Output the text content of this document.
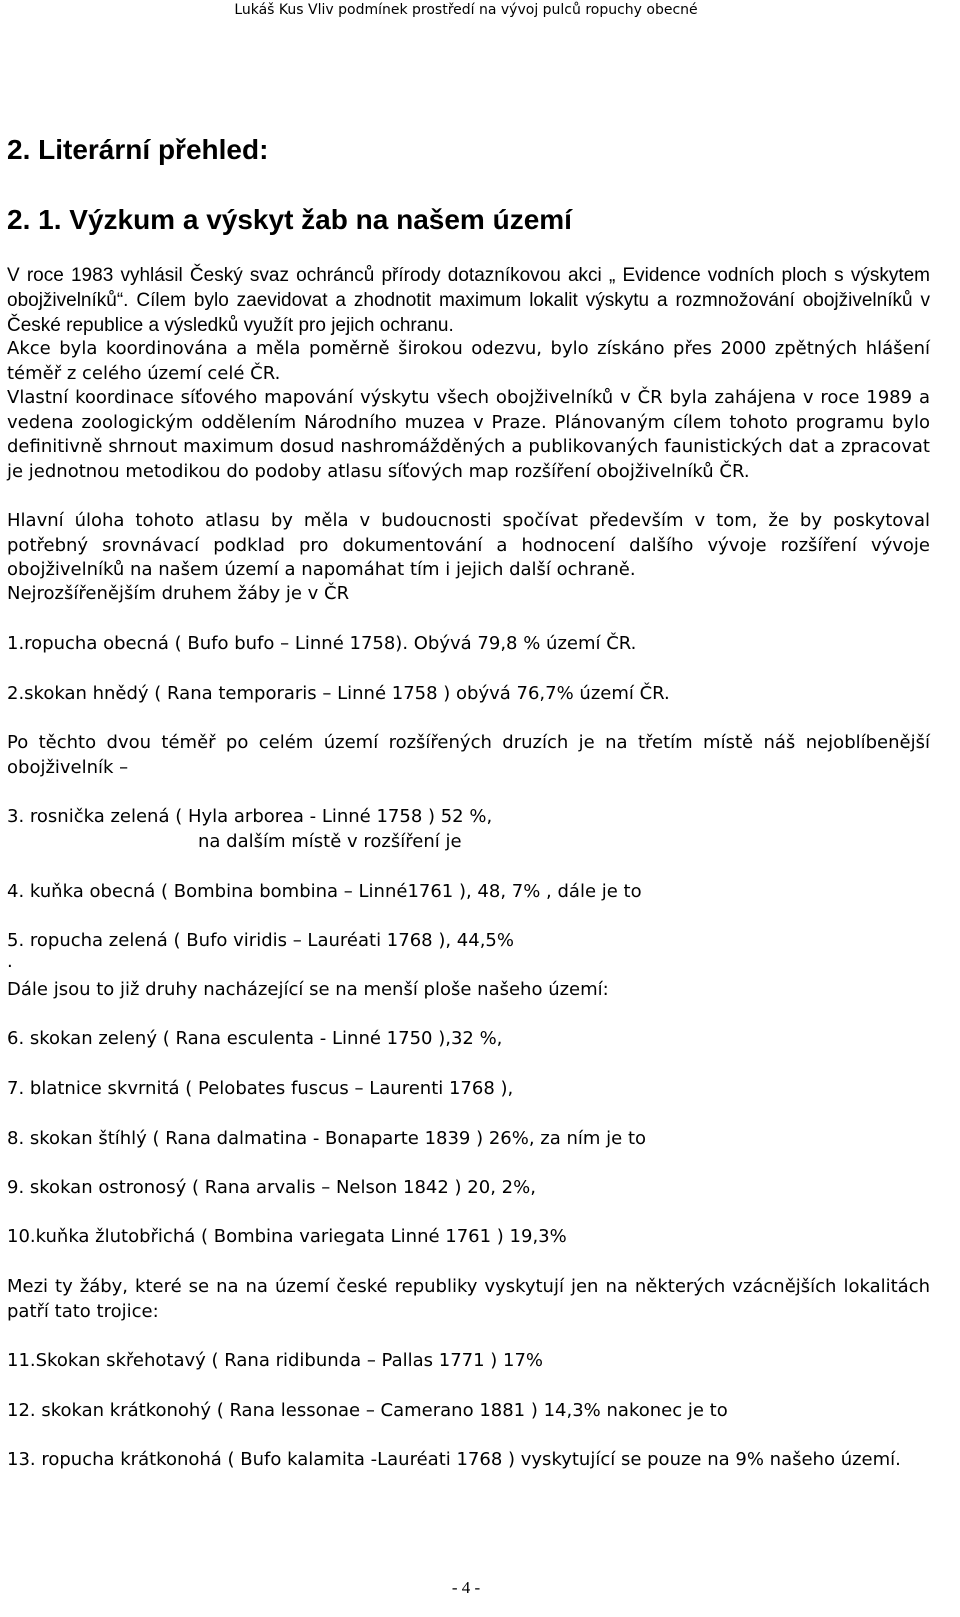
Lukáš Kus Vliv podmínek prostředí na vývoj pulců ropuchy obecné
2. Literární přehled:
2. 1. Výzkum a výskyt žab na našem území

V roce 1983 vyhlásil Český svaz ochránců přírody dotazníkovou akci „ Evidence vodních ploch s výskytem obojživelníků“. Cílem bylo zaevidovat a zhodnotit maximum lokalit výskytu a rozmnožování obojživelníků v České republice a výsledků využít pro jejich ochranu.

Akce byla koordinována a měla poměrně širokou odezvu, bylo získáno přes 2000 zpětných hlášení téměř z celého území celé ČR.

Vlastní koordinace síťového mapování výskytu všech obojživelníků v ČR byla zahájena v roce 1989 a vedena zoologickým oddělením Národního muzea v Praze. Plánovaným cílem tohoto programu bylo definitivně shrnout maximum dosud nashromážděných a publikovaných faunistických dat a zpracovat je jednotnou metodikou do podoby atlasu síťových map rozšíření obojživelníků ČR.

Hlavní úloha tohoto atlasu by měla v budoucnosti spočívat především v tom, že by poskytoval potřebný srovnávací podklad pro dokumentování a hodnocení dalšího vývoje rozšíření vývoje obojživelníků na našem území a napomáhat tím i jejich další ochraně.

Nejrozšířenějším druhem žáby je v ČR

1.ropucha obecná ( Bufo bufo – Linné 1758). Obývá 79,8 % území ČR.
2.skokan hnědý ( Rana temporaris – Linné 1758 ) obývá 76,7% území ČR.

Po těchto dvou téměř po celém území rozšířených druzích je na třetím místě náš nejoblíbenější obojživelník –

3. rosnička zelená ( Hyla arborea - Linné 1758 ) 52 %,
na dalším místě v rozšíření je
4. kuňka obecná ( Bombina bombina – Linné1761 ), 48, 7% , dále je to
5. ropucha zelená ( Bufo viridis – Lauréati 1768 ), 44,5%
.
Dále jsou to již druhy nacházející se na menší ploše našeho území:
6. skokan zelený ( Rana esculenta - Linné 1750 ),32 %,
7. blatnice skvrnitá ( Pelobates fuscus – Laurenti 1768 ),
8. skokan štíhlý ( Rana dalmatina - Bonaparte 1839 ) 26%, za ním je to
9. skokan ostronosý ( Rana arvalis – Nelson 1842 ) 20, 2%,
10.kuňka žlutobřichá ( Bombina variegata Linné 1761 ) 19,3%

Mezi ty žáby, které se na na území české republiky vyskytují jen na některých vzácnějších lokalitách patří tato trojice:

11.Skokan skřehotavý ( Rana ridibunda – Pallas 1771 ) 17%
12. skokan krátkonohý ( Rana lessonae – Camerano 1881 ) 14,3% nakonec je to

13. ropucha krátkonohá ( Bufo kalamita -Lauréati 1768 ) vyskytující se pouze na 9% našeho území.

- 4 -
